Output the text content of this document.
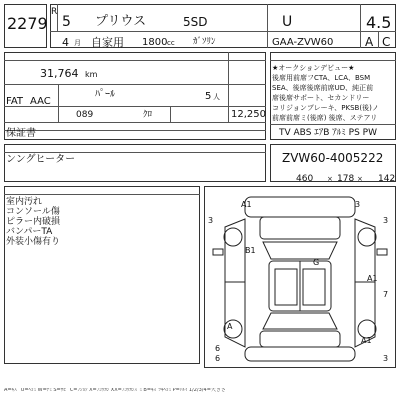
2279
R
5 プリウス	5SD	U	4.5
4 月 自家用 1800 cc ｶﾞｿﾘﾝ	GAA-ZVW60	A C
31,764 km
ﾊﾟｰﾙ	5 人
FAT AAC
089	ｸﾛ	12,250
保証書
★オークションデビュー★
後席用前席フCTA、LCA、BSM
SEA、後席後席前席UD、純正前
席後席サポート、セカンドリー
コリジョンブレーキ、PKSB(後)ノ
前席前席ミ(後席) 後席、ステアリ
TV ABS ｴｱB ｱﾙﾐ PS PW
ンングヒーター	ZVW60-4005222
460 × 178 × 142
室内汚れ
コンソール傷
ピラー内破損
バンパーTA
外装小傷有り
A1	3
3	3
B1
G
A1
7
A
A1
6
6	3
A=ｷｽﾞ U=ﾍｺﾐ W=ﾅﾐ S=ｻﾋﾞ C=ﾌｼｮｸ X=ﾌｺｳｶﾝ XX=ﾌｺｳｶﾝｽﾞﾐ B=ｷｽﾞﾂｷﾍｺﾐ P=ﾄﾙｲ 1/2/3/4=大きさ
